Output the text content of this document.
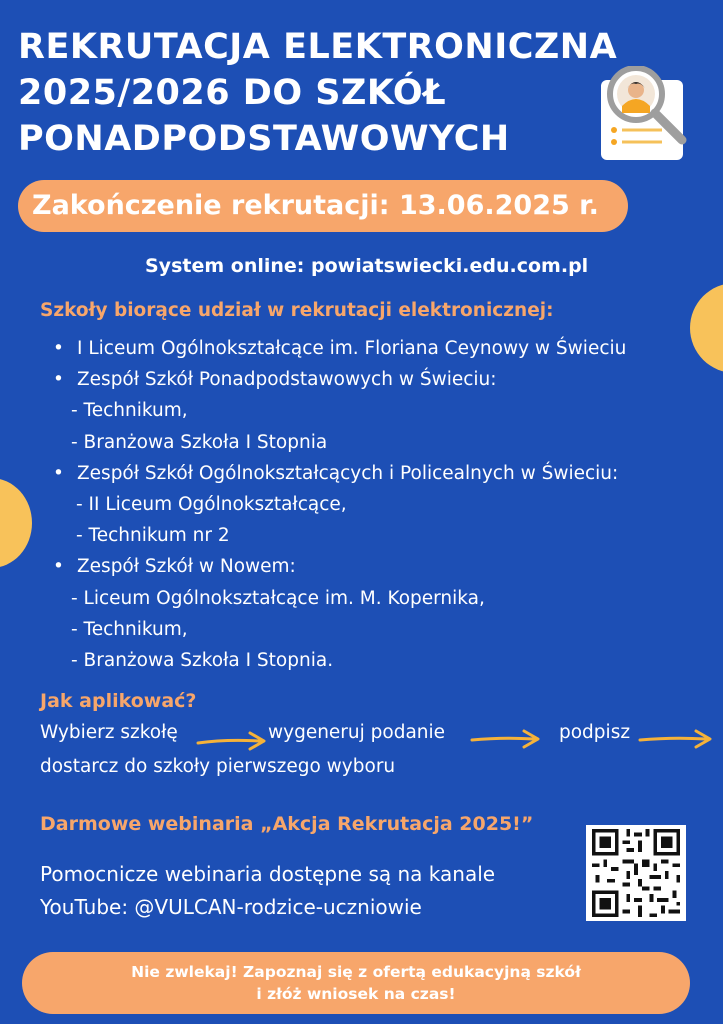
REKRUTACJA ELEKTRONICZNA
2025/2026 DO SZKÓŁ
PONADPODSTAWOWYCH
Zakończenie rekrutacji: 13.06.2025 r.
System online: powiatswiecki.edu.com.pl
Szkoły biorące udział w rekrutacji elektronicznej:
• I Liceum Ogólnokształcące im. Floriana Ceynowy w Świeciu
• Zespół Szkół Ponadpodstawowych w Świeciu:
- Technikum,
- Branżowa Szkoła I Stopnia
• Zespół Szkół Ogólnokształcących i Policealnych w Świeciu:
- II Liceum Ogólnokształcące,
- Technikum nr 2
• Zespół Szkół w Nowem:
- Liceum Ogólnokształcące im. M. Kopernika,
- Technikum,
- Branżowa Szkoła I Stopnia.
Jak aplikować?
Wybierz szkołę	wygeneruj podanie	podpisz
dostarcz do szkoły pierwszego wyboru
Darmowe webinaria „Akcja Rekrutacja 2025!”
Pomocnicze webinaria dostępne są na kanale
YouTube: @VULCAN-rodzice-uczniowie
Nie zwlekaj! Zapoznaj się z ofertą edukacyjną szkół
i złóż wniosek na czas!
